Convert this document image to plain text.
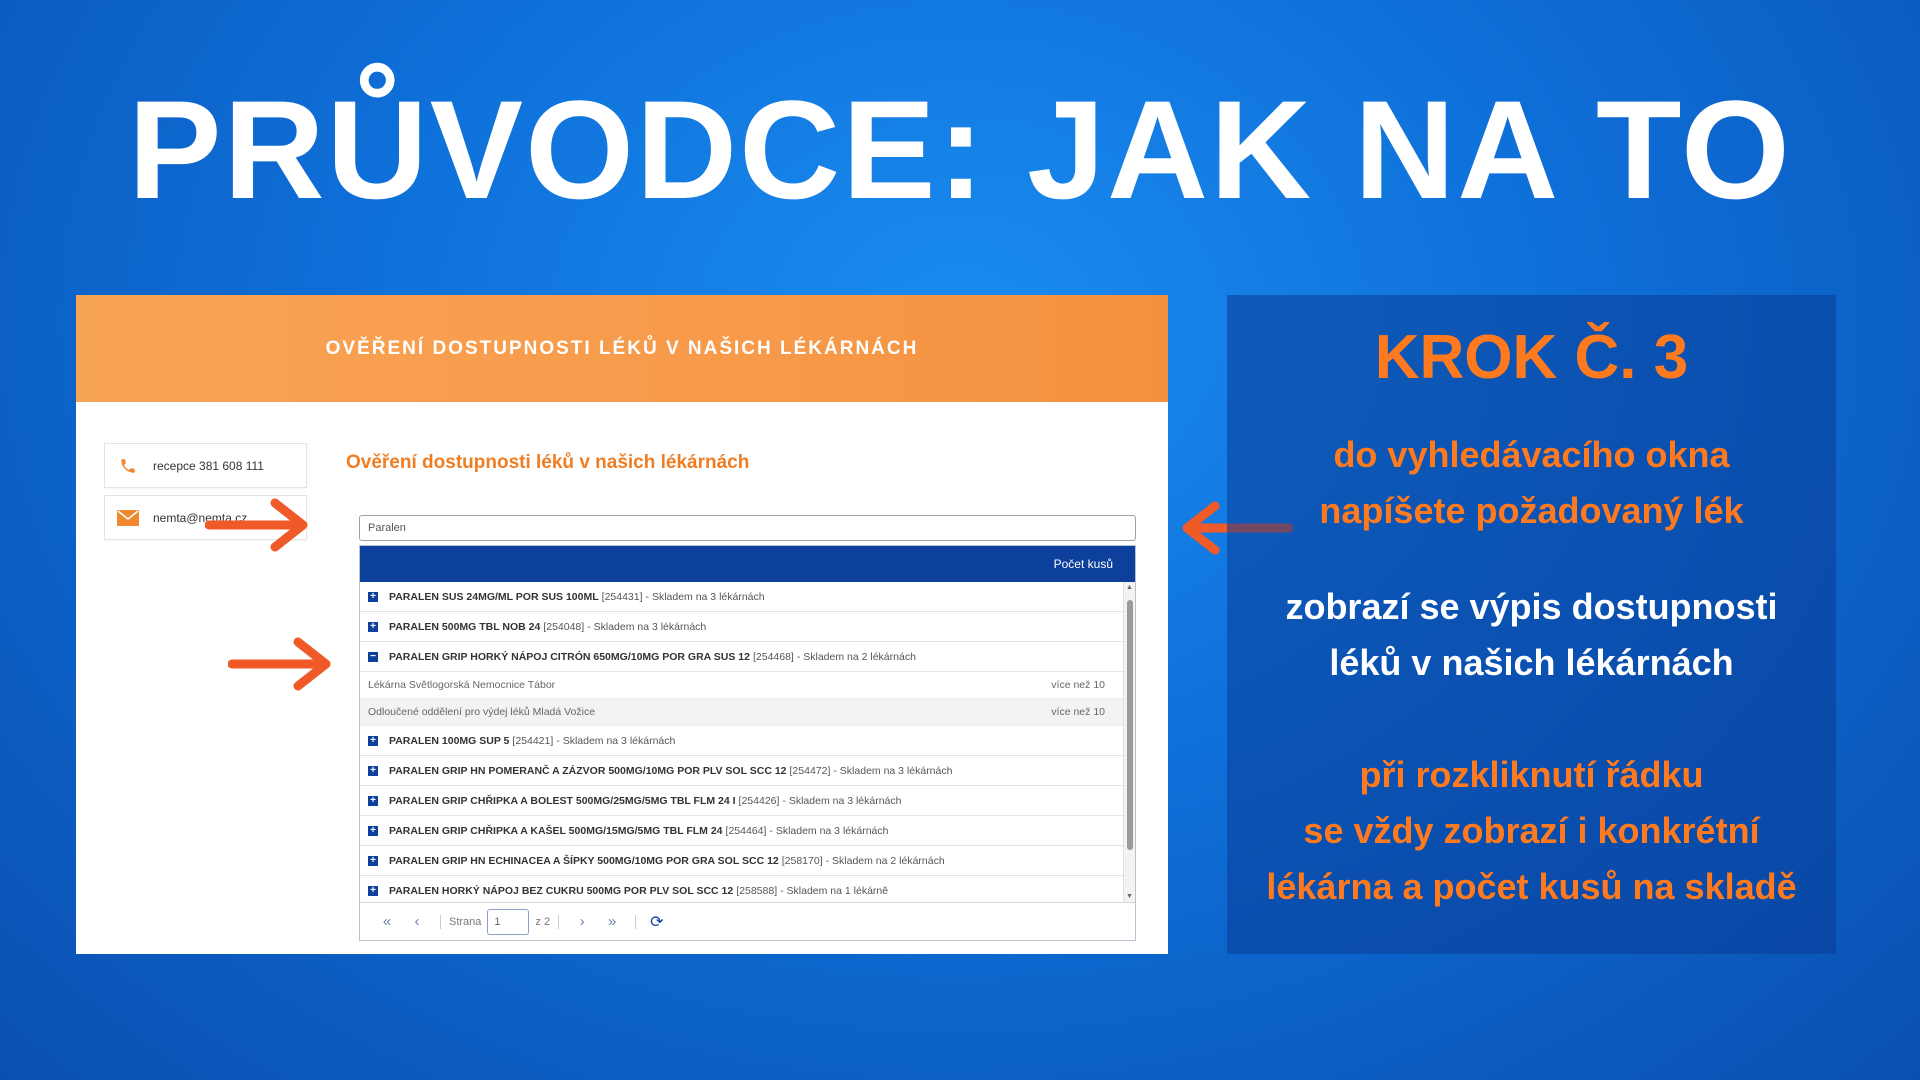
PRŮVODCE: JAK NA TO
OVĚŘENÍ DOSTUPNOSTI LÉKŮ V NAŠICH LÉKÁRNÁCH
recepce 381 608 111
nemta@nemta.cz
Ověření dostupnosti léků v našich lékárnách
Paralen
Počet kusů
+ PARALEN SUS 24MG/ML POR SUS 100ML [254431] - Skladem na 3 lékárnách
+ PARALEN 500MG TBL NOB 24 [254048] - Skladem na 3 lékárnách
− PARALEN GRIP HORKÝ NÁPOJ CITRÓN 650MG/10MG POR GRA SUS 12 [254468] - Skladem na 2 lékárnách
Lékárna Světlogorská Nemocnice Tábor	více než 10
Odloučené oddělení pro výdej léků Mladá Vožice	více než 10
+ PARALEN 100MG SUP 5 [254421] - Skladem na 3 lékárnách
+ PARALEN GRIP HN POMERANČ A ZÁZVOR 500MG/10MG POR PLV SOL SCC 12 [254472] - Skladem na 3 lékárnách
+ PARALEN GRIP CHŘIPKA A BOLEST 500MG/25MG/5MG TBL FLM 24 I [254426] - Skladem na 3 lékárnách
+ PARALEN GRIP CHŘIPKA A KAŠEL 500MG/15MG/5MG TBL FLM 24 [254464] - Skladem na 3 lékárnách
+ PARALEN GRIP HN ECHINACEA A ŠÍPKY 500MG/10MG POR GRA SOL SCC 12 [258170] - Skladem na 2 lékárnách
+ PARALEN HORKÝ NÁPOJ BEZ CUKRU 500MG POR PLV SOL SCC 12 [258588] - Skladem na 1 lékárně
▲
▼
«	‹	Strana
1	z 2	›	»	⟳
KROK Č. 3

do vyhledávacího okna
napíšete požadovaný lék

zobrazí se výpis dostupnosti
léků v našich lékárnách

při rozkliknutí řádku
se vždy zobrazí i konkrétní
lékárna a počet kusů na skladě
